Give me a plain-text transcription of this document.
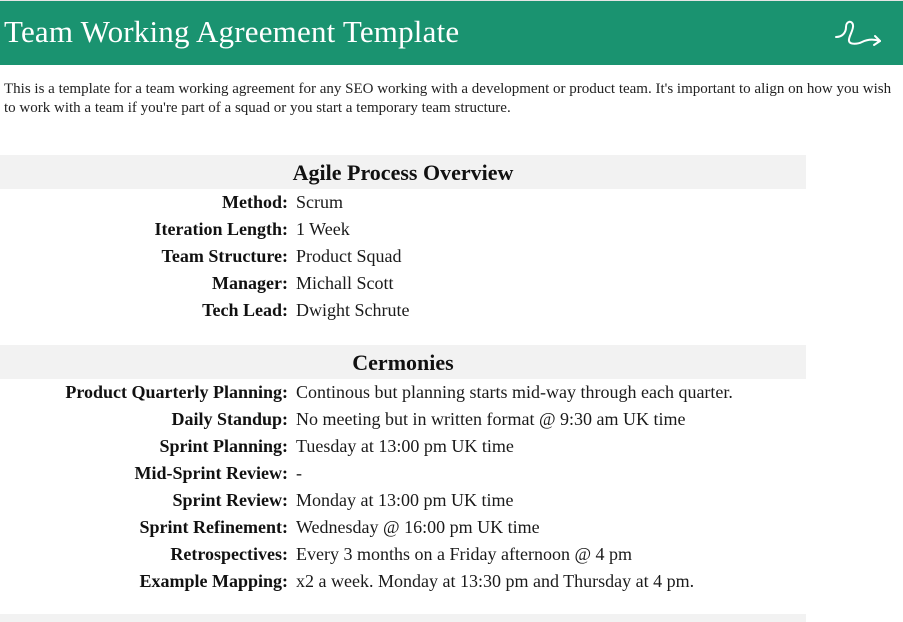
Team Working Agreement Template
This is a template for a team working agreement for any SEO working with a development or product team. It's important to align on how you wish to work with a team if you're part of a squad or you start a temporary team structure.
Agile Process Overview
Method: Scrum
Iteration Length: 1 Week
Team Structure: Product Squad
Manager: Michall Scott
Tech Lead: Dwight Schrute
Cermonies
Product Quarterly Planning: Continous but planning starts mid-way through each quarter.
Daily Standup: No meeting but in written format @ 9:30 am UK time
Sprint Planning: Tuesday at 13:00 pm UK time
Mid-Sprint Review: -
Sprint Review: Monday at 13:00 pm UK time
Sprint Refinement: Wednesday @ 16:00 pm UK time
Retrospectives: Every 3 months on a Friday afternoon @ 4 pm
Example Mapping: x2 a week. Monday at 13:30 pm and Thursday at 4 pm.
